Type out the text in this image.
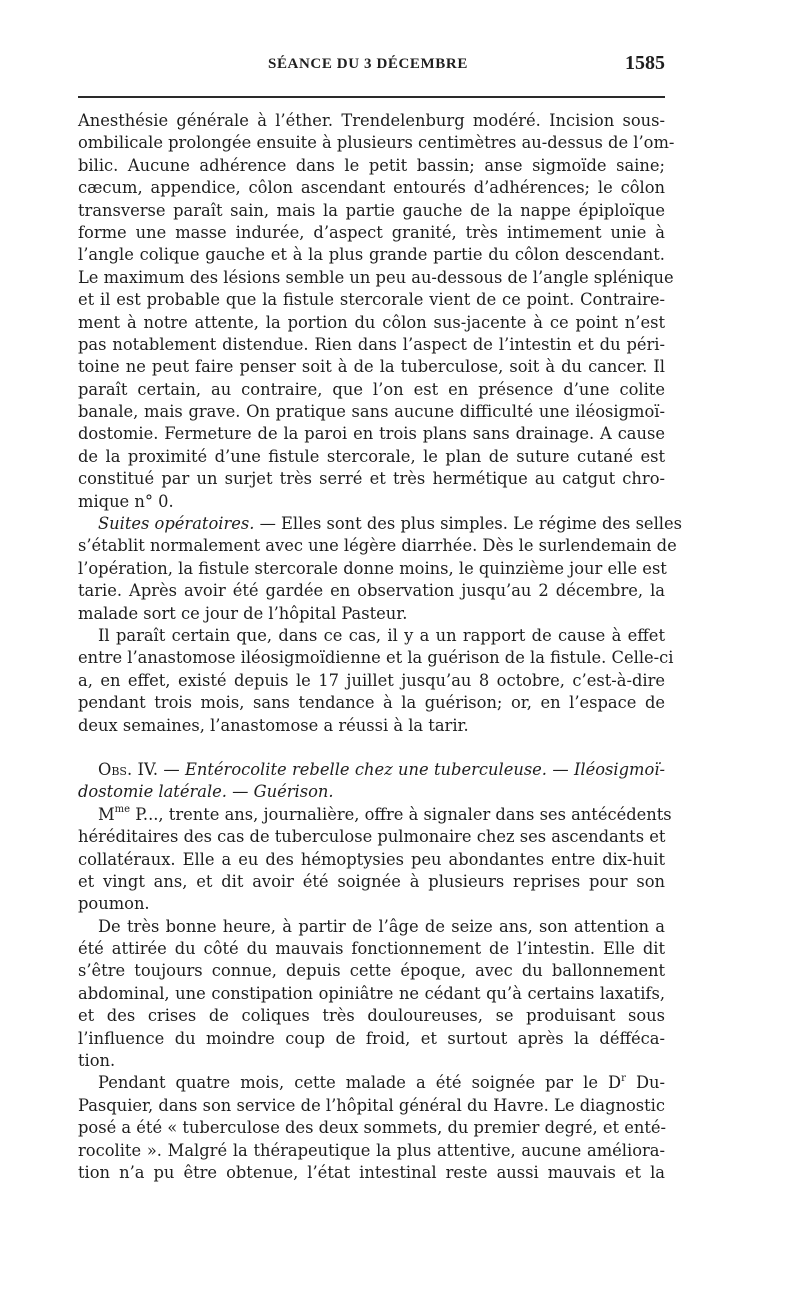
SÉANCE DU 3 DÉCEMBRE	1585
Anesthésie générale à l’éther. Trendelenburg modéré. Incision sous-
ombilicale prolongée ensuite à plusieurs centimètres au-dessus de l’om-
bilic. Aucune adhérence dans le petit bassin; anse sigmoïde saine;
cæcum, appendice, côlon ascendant entourés d’adhérences; le côlon
transverse paraît sain, mais la partie gauche de la nappe épiploïque
forme une masse indurée, d’aspect granité, très intimement unie à
l’angle colique gauche et à la plus grande partie du côlon descendant.
Le maximum des lésions semble un peu au-dessous de l’angle splénique
et il est probable que la fistule stercorale vient de ce point. Contraire-
ment à notre attente, la portion du côlon sus-jacente à ce point n’est
pas notablement distendue. Rien dans l’aspect de l’intestin et du péri-
toine ne peut faire penser soit à de la tuberculose, soit à du cancer. Il
paraît certain, au contraire, que l’on est en présence d’une colite
banale, mais grave. On pratique sans aucune difficulté une iléosigmoï-
dostomie. Fermeture de la paroi en trois plans sans drainage. A cause
de la proximité d’une fistule stercorale, le plan de suture cutané est
constitué par un surjet très serré et très hermétique au catgut chro-
mique n° 0.
Suites opératoires. — Elles sont des plus simples. Le régime des selles
s’établit normalement avec une légère diarrhée. Dès le surlendemain de
l’opération, la fistule stercorale donne moins, le quinzième jour elle est
tarie. Après avoir été gardée en observation jusqu’au 2 décembre, la
malade sort ce jour de l’hôpital Pasteur.
Il paraît certain que, dans ce cas, il y a un rapport de cause à effet
entre l’anastomose iléosigmoïdienne et la guérison de la fistule. Celle-ci
a, en effet, existé depuis le 17 juillet jusqu’au 8 octobre, c’est-à-dire
pendant trois mois, sans tendance à la guérison; or, en l’espace de
deux semaines, l’anastomose a réussi à la tarir.
Obs. IV. — Entérocolite rebelle chez une tuberculeuse. — Iléosigmoï-
dostomie latérale. — Guérison.
$M^{me}$ P..., trente ans, journalière, offre à signaler dans ses antécédents
héréditaires des cas de tuberculose pulmonaire chez ses ascendants et
collatéraux. Elle a eu des hémoptysies peu abondantes entre dix-huit
et vingt ans, et dit avoir été soignée à plusieurs reprises pour son
poumon.
De très bonne heure, à partir de l’âge de seize ans, son attention a
été attirée du côté du mauvais fonctionnement de l’intestin. Elle dit
s’être toujours connue, depuis cette époque, avec du ballonnement
abdominal, une constipation opiniâtre ne cédant qu’à certains laxatifs,
et des crises de coliques très douloureuses, se produisant sous
l’influence du moindre coup de froid, et surtout après la défféca-
tion.
Pendant quatre mois, cette malade a été soignée par le $D^r$ Du-
Pasquier, dans son service de l’hôpital général du Havre. Le diagnostic
posé a été « tuberculose des deux sommets, du premier degré, et enté-
rocolite ». Malgré la thérapeutique la plus attentive, aucune améliora-
tion n’a pu être obtenue, l’état intestinal reste aussi mauvais et la
